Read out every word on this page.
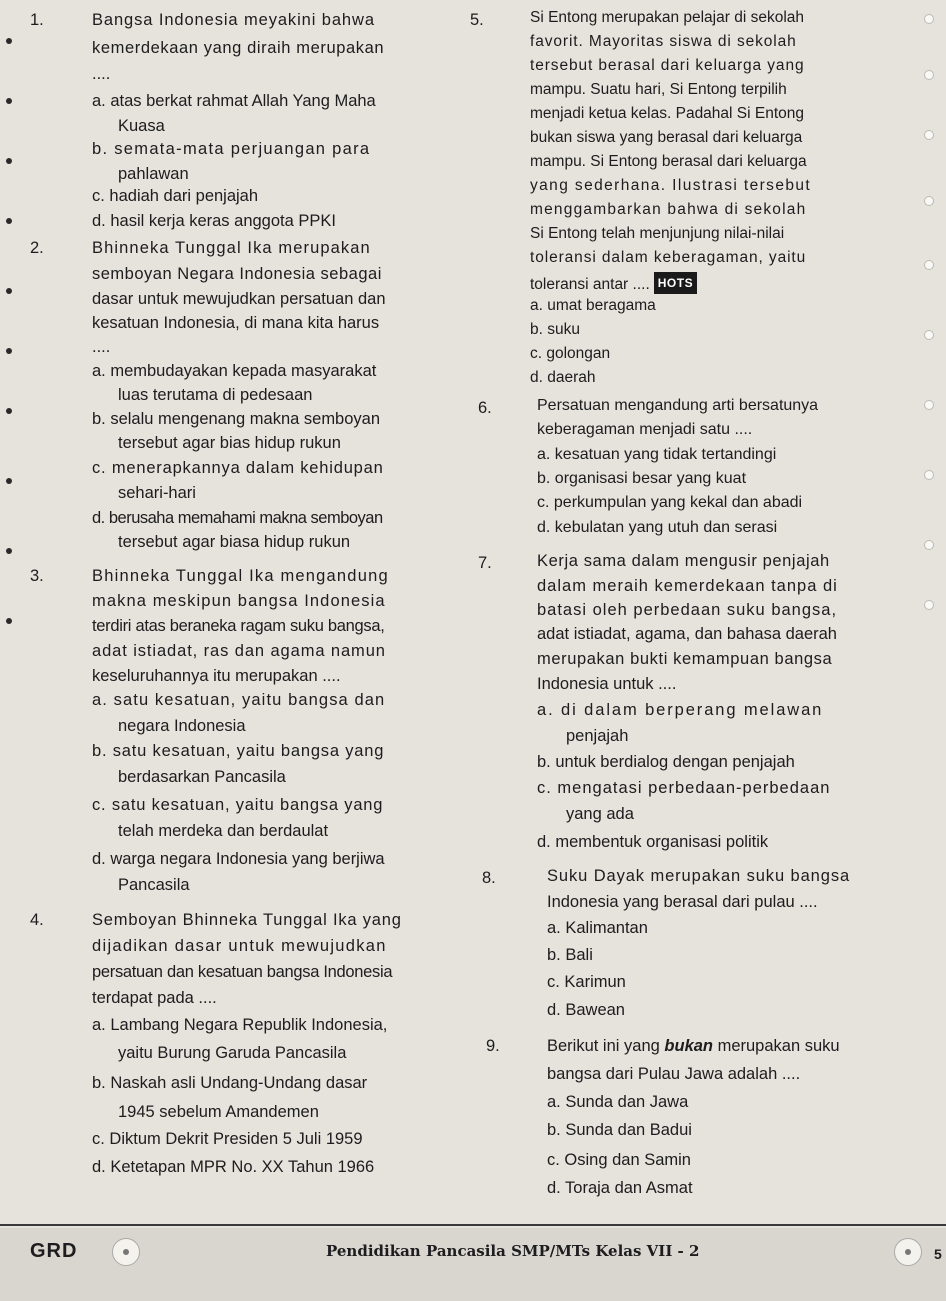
1.	Bangsa Indonesia meyakini bahwa
kemerdekaan yang diraih merupakan
....
a. atas berkat rahmat Allah Yang Maha
Kuasa
b. semata-mata perjuangan para
pahlawan
c. hadiah dari penjajah
d. hasil kerja keras anggota PPKI
2.	Bhinneka Tunggal Ika merupakan
semboyan Negara Indonesia sebagai
dasar untuk mewujudkan persatuan dan
kesatuan Indonesia, di mana kita harus
....
a. membudayakan kepada masyarakat
luas terutama di pedesaan
b. selalu mengenang makna semboyan
tersebut agar bias hidup rukun
c. menerapkannya dalam kehidupan
sehari-hari
d. berusaha memahami makna semboyan
tersebut agar biasa hidup rukun
3.	Bhinneka Tunggal Ika mengandung
makna meskipun bangsa Indonesia
terdiri atas beraneka ragam suku bangsa,
adat istiadat, ras dan agama namun
keseluruhannya itu merupakan ....
a. satu kesatuan, yaitu bangsa dan
negara Indonesia
b. satu kesatuan, yaitu bangsa yang
berdasarkan Pancasila
c. satu kesatuan, yaitu bangsa yang
telah merdeka dan berdaulat
d. warga negara Indonesia yang berjiwa
Pancasila
4.	Semboyan Bhinneka Tunggal Ika yang
dijadikan dasar untuk mewujudkan
persatuan dan kesatuan bangsa Indonesia
terdapat pada ....
a. Lambang Negara Republik Indonesia,
yaitu Burung Garuda Pancasila
b. Naskah asli Undang-Undang dasar
1945 sebelum Amandemen
c. Diktum Dekrit Presiden 5 Juli 1959
d. Ketetapan MPR No. XX Tahun 1966
5.	Si Entong merupakan pelajar di sekolah
favorit. Mayoritas siswa di sekolah
tersebut berasal dari keluarga yang
mampu. Suatu hari, Si Entong terpilih
menjadi ketua kelas. Padahal Si Entong
bukan siswa yang berasal dari keluarga
mampu. Si Entong berasal dari keluarga
yang sederhana. Ilustrasi tersebut
menggambarkan bahwa di sekolah
Si Entong telah menjunjung nilai-nilai
toleransi dalam keberagaman, yaitu
toleransi antar .... HOTS
a. umat beragama
b. suku
c. golongan
d. daerah
6.	Persatuan mengandung arti bersatunya
keberagaman menjadi satu ....
a. kesatuan yang tidak tertandingi
b. organisasi besar yang kuat
c. perkumpulan yang kekal dan abadi
d. kebulatan yang utuh dan serasi
7.	Kerja sama dalam mengusir penjajah
dalam meraih kemerdekaan tanpa di
batasi oleh perbedaan suku bangsa,
adat istiadat, agama, dan bahasa daerah
merupakan bukti kemampuan bangsa
Indonesia untuk ....
a. di dalam berperang melawan
penjajah
b. untuk berdialog dengan penjajah
c. mengatasi perbedaan-perbedaan
yang ada
d. membentuk organisasi politik
8.	Suku Dayak merupakan suku bangsa
Indonesia yang berasal dari pulau ....
a. Kalimantan
b. Bali
c. Karimun
d. Bawean
9.	Berikut ini yang bukan merupakan suku
bangsa dari Pulau Jawa adalah ....
a. Sunda dan Jawa
b. Sunda dan Badui
c. Osing dan Samin
d. Toraja dan Asmat
GRD	Pendidikan Pancasila SMP/MTs Kelas VII - 2	5
